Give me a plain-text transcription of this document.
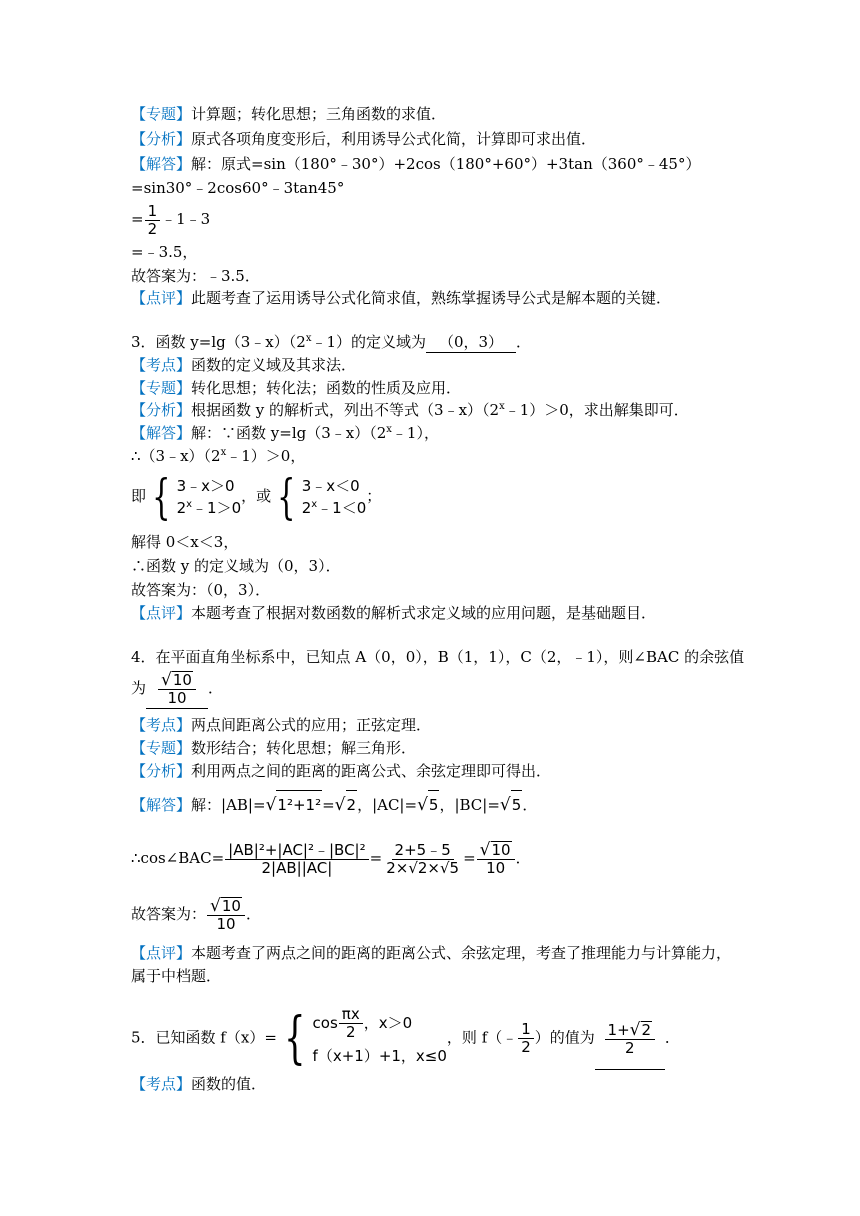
【专题】计算题；转化思想；三角函数的求值．
【分析】原式各项角度变形后，利用诱导公式化简，计算即可求出值．
【解答】解：原式=sin（180°﹣30°）+2cos（180°+60°）+3tan（360°﹣45°）
=sin30°﹣2cos60°﹣3tan45°
= $\frac{1}{2}$ ﹣1﹣3
=﹣3.5，
故答案为：﹣3.5．
【点评】此题考查了运用诱导公式化简求值，熟练掌握诱导公式是解本题的关键．
3．函数 $y=\lg(3﹣x)(2^x﹣1)$的定义域为 （0，3） ．
【考点】函数的定义域及其求法．
【专题】转化思想；转化法；函数的性质及应用．
【分析】根据函数 y 的解析式，列出不等式$(3﹣x)(2^x﹣1)>0$，求出解集即可．
【解答】解：∵函数 $y=\lg(3﹣x)(2^x﹣1)$，
$\therefore(3﹣x)(2^x﹣1)>0$，
即 { 3﹣x＞0
$2^x﹣1>0$
，或 { 3﹣x＜0
$2^x﹣1<0$
；
解得 0＜x＜3，
∴函数 y 的定义域为（0，3）．
故答案为：（0，3）．
【点评】本题考查了根据对数函数的解析式求定义域的应用问题，是基础题目．
4．在平面直角坐标系中，已知点 A（0，0），B（1，1），C（2，﹣1），则∠BAC 的余弦值
为 $\frac{√ 10}{10}$ ．
【考点】两点间距离公式的应用；正弦定理．
【专题】数形结合；转化思想；解三角形．
【分析】利用两点之间的距离的距离公式、余弦定理即可得出．
【解答】解：|AB|= √ 1²+1² = √ 2 ，|AC|= √ 5 ，|BC|= √ 5 ．
∴cos∠BAC= $\frac{\text{|AB|²+|AC|²﹣|BC|²}}{2|AB||AC|} = \frac{2+5﹣5}{2\times√2\times√5} = \frac{√ 10}{10}$ ．
故答案为： $\frac{√ 10}{10}$ ．
【点评】本题考查了两点之间的距离的距离公式、余弦定理，考查了推理能力与计算能力，
属于中档题．
5．已知函数 f（x）= { $\cos \frac{\pi x}{2}$ ，x＞0
f（x+1）+1，x≤0
，则 f（﹣ $\frac{1}{2}$ ）的值为 $\frac{1+ √ 2}{2}$ ．
【考点】函数的值．
